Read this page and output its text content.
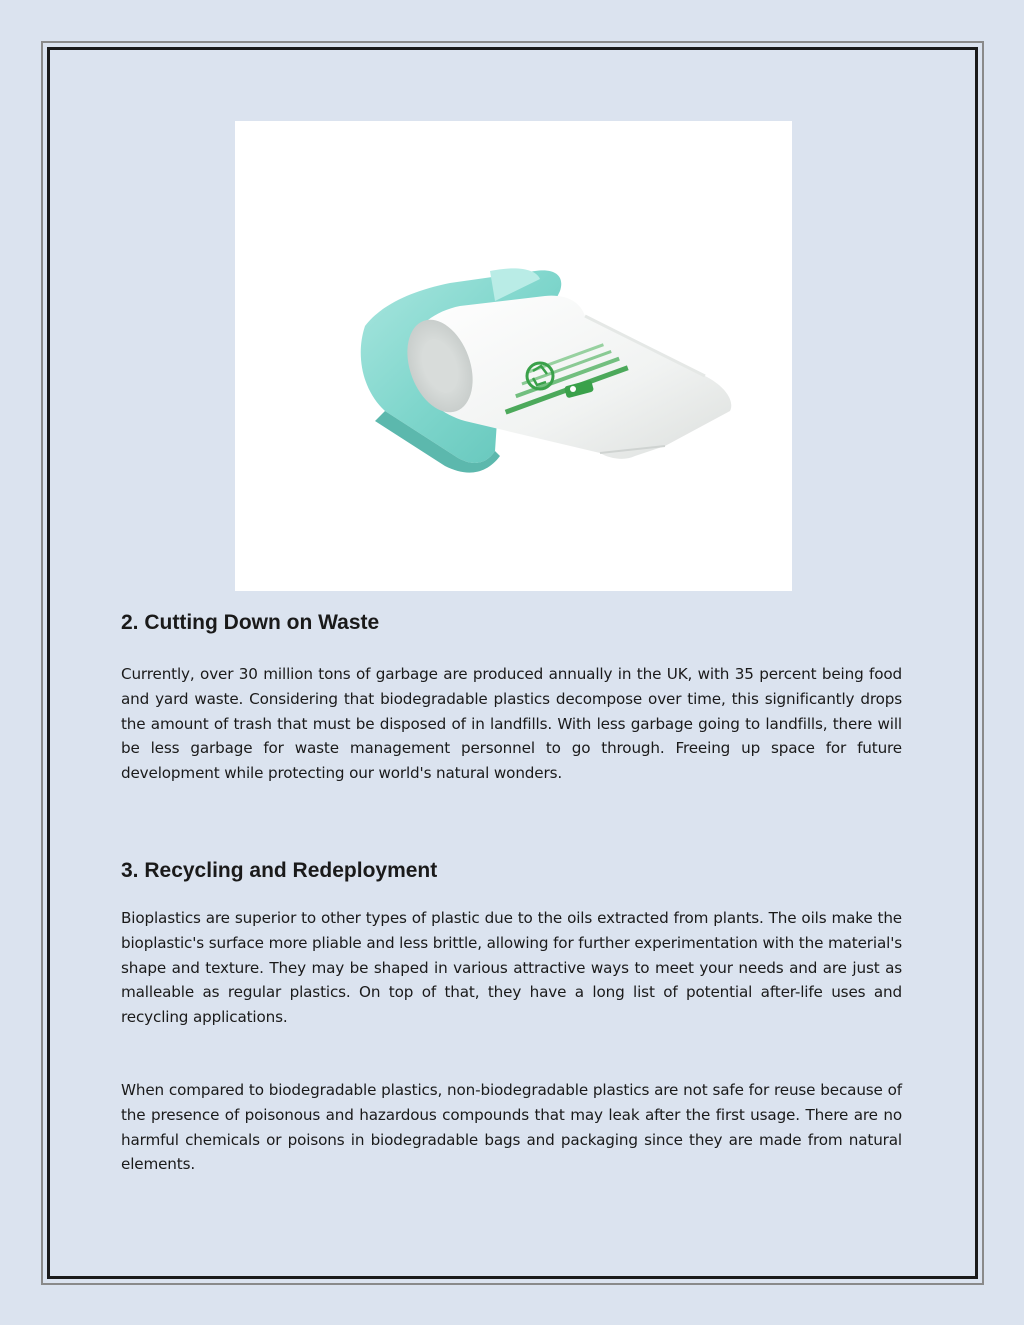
2. Cutting Down on Waste

Currently, over 30 million tons of garbage are produced annually in the UK, with 35 percent being food and yard waste. Considering that biodegradable plastics decompose over time, this significantly drops the amount of trash that must be disposed of in landfills. With less garbage going to landfills, there will be less garbage for waste management personnel to go through. Freeing up space for future development while protecting our world's natural wonders.

3. Recycling and Redeployment

Bioplastics are superior to other types of plastic due to the oils extracted from plants. The oils make the bioplastic's surface more pliable and less brittle, allowing for further experimentation with the material's shape and texture. They may be shaped in various attractive ways to meet your needs and are just as malleable as regular plastics. On top of that, they have a long list of potential after-life uses and recycling applications.

When compared to biodegradable plastics, non-biodegradable plastics are not safe for reuse because of the presence of poisonous and hazardous compounds that may leak after the first usage. There are no harmful chemicals or poisons in biodegradable bags and packaging since they are made from natural elements.
